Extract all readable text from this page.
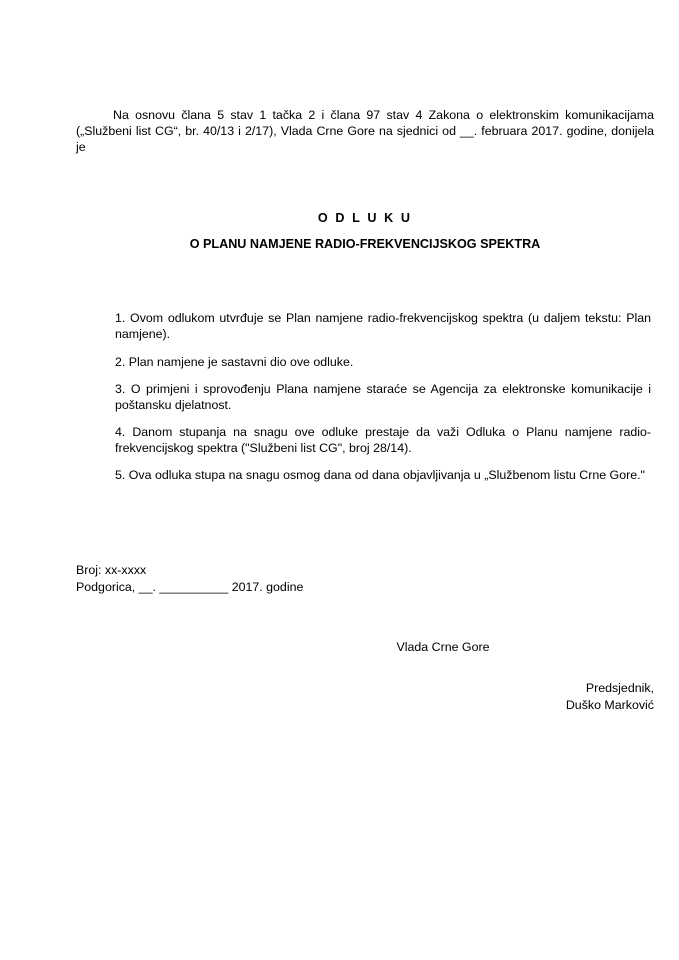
Na osnovu člana 5 stav 1 tačka 2 i člana 97 stav 4 Zakona o elektronskim komunikacijama („Službeni list CG“, br. 40/13 i 2/17), Vlada Crne Gore na sjednici od __. februara 2017. godine, donijela je
O D L U K U
O PLANU NAMJENE RADIO-FREKVENCIJSKOG SPEKTRA
1. Ovom odlukom utvrđuje se Plan namjene radio-frekvencijskog spektra (u daljem tekstu: Plan namjene).
2. Plan namjene je sastavni dio ove odluke.
3. O primjeni i sprovođenju Plana namjene staraće se Agencija za elektronske komunikacije i poštansku djelatnost.
4. Danom stupanja na snagu ove odluke prestaje da važi Odluka o Planu namjene radio-frekvencijskog spektra ("Službeni list CG", broj 28/14).
5. Ova odluka stupa na snagu osmog dana od dana objavljivanja u „Službenom listu Crne Gore."
Broj: xx-xxxx
Podgorica, __. __________ 2017. godine
Vlada Crne Gore
Predsjednik,
Duško Marković
